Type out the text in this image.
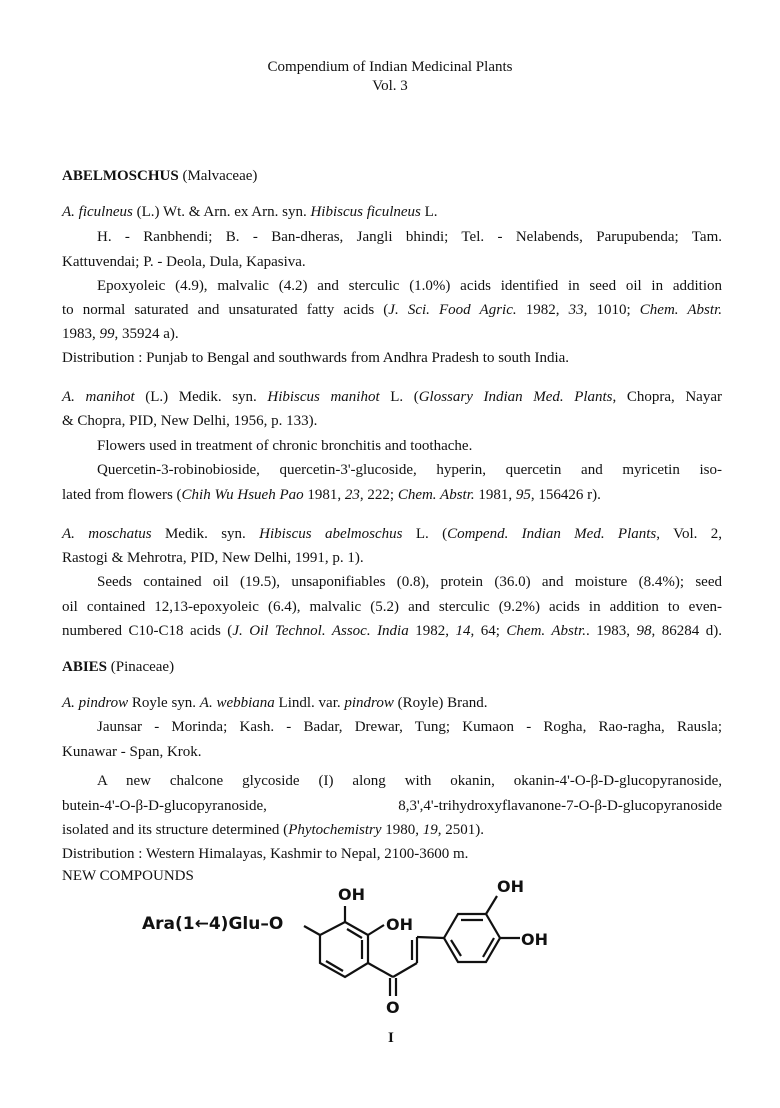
Compendium of Indian Medicinal Plants
Vol. 3
ABELMOSCHUS (Malvaceae)
A. ficulneus (L.) Wt. & Arn. ex Arn. syn. Hibiscus ficulneus L.
H. - Ranbhendi; B. - Ban-dheras, Jangli bhindi; Tel. - Nelabends, Parupubenda; Tam.
Kattuvendai; P. - Deola, Dula, Kapasiva.
Epoxyoleic (4.9), malvalic (4.2) and sterculic (1.0%) acids identified in seed oil in addition
to normal saturated and unsaturated fatty acids (J. Sci. Food Agric. 1982, 33, 1010; Chem. Abstr.
1983, 99, 35924 a).
Distribution : Punjab to Bengal and southwards from Andhra Pradesh to south India.
A. manihot (L.) Medik. syn. Hibiscus manihot L. (Glossary Indian Med. Plants, Chopra, Nayar
& Chopra, PID, New Delhi, 1956, p. 133).
Flowers used in treatment of chronic bronchitis and toothache.
Quercetin-3-robinobioside, quercetin-3'-glucoside, hyperin, quercetin and myricetin iso-
lated from flowers (Chih Wu Hsueh Pao 1981, 23, 222; Chem. Abstr. 1981, 95, 156426 r).
A. moschatus Medik. syn. Hibiscus abelmoschus L. (Compend. Indian Med. Plants, Vol. 2,
Rastogi & Mehrotra, PID, New Delhi, 1991, p. 1).
Seeds contained oil (19.5), unsaponifiables (0.8), protein (36.0) and moisture (8.4%); seed
oil contained 12,13-epoxyoleic (6.4), malvalic (5.2) and sterculic (9.2%) acids in addition to even-
numbered C10-C18 acids (J. Oil Technol. Assoc. India 1982, 14, 64; Chem. Abstr.. 1983, 98, 86284 d).
ABIES (Pinaceae)
A. pindrow Royle syn. A. webbiana Lindl. var. pindrow (Royle) Brand.
Jaunsar - Morinda; Kash. - Badar, Drewar, Tung; Kumaon - Rogha, Rao-ragha, Rausla;
Kunawar - Span, Krok.
A new chalcone glycoside (I) along with okanin, okanin-4'-O-β-D-glucopyranoside,
butein-4'-O-β-D-glucopyranoside, 8,3',4'-trihydroxyflavanone-7-O-β-D-glucopyranoside
isolated and its structure determined (Phytochemistry 1980, 19, 2501).
Distribution : Western Himalayas, Kashmir to Nepal, 2100-3600 m.
NEW COMPOUNDS
Ara(1←4)Glu–O
OH
OH
OH
OH
O
I
